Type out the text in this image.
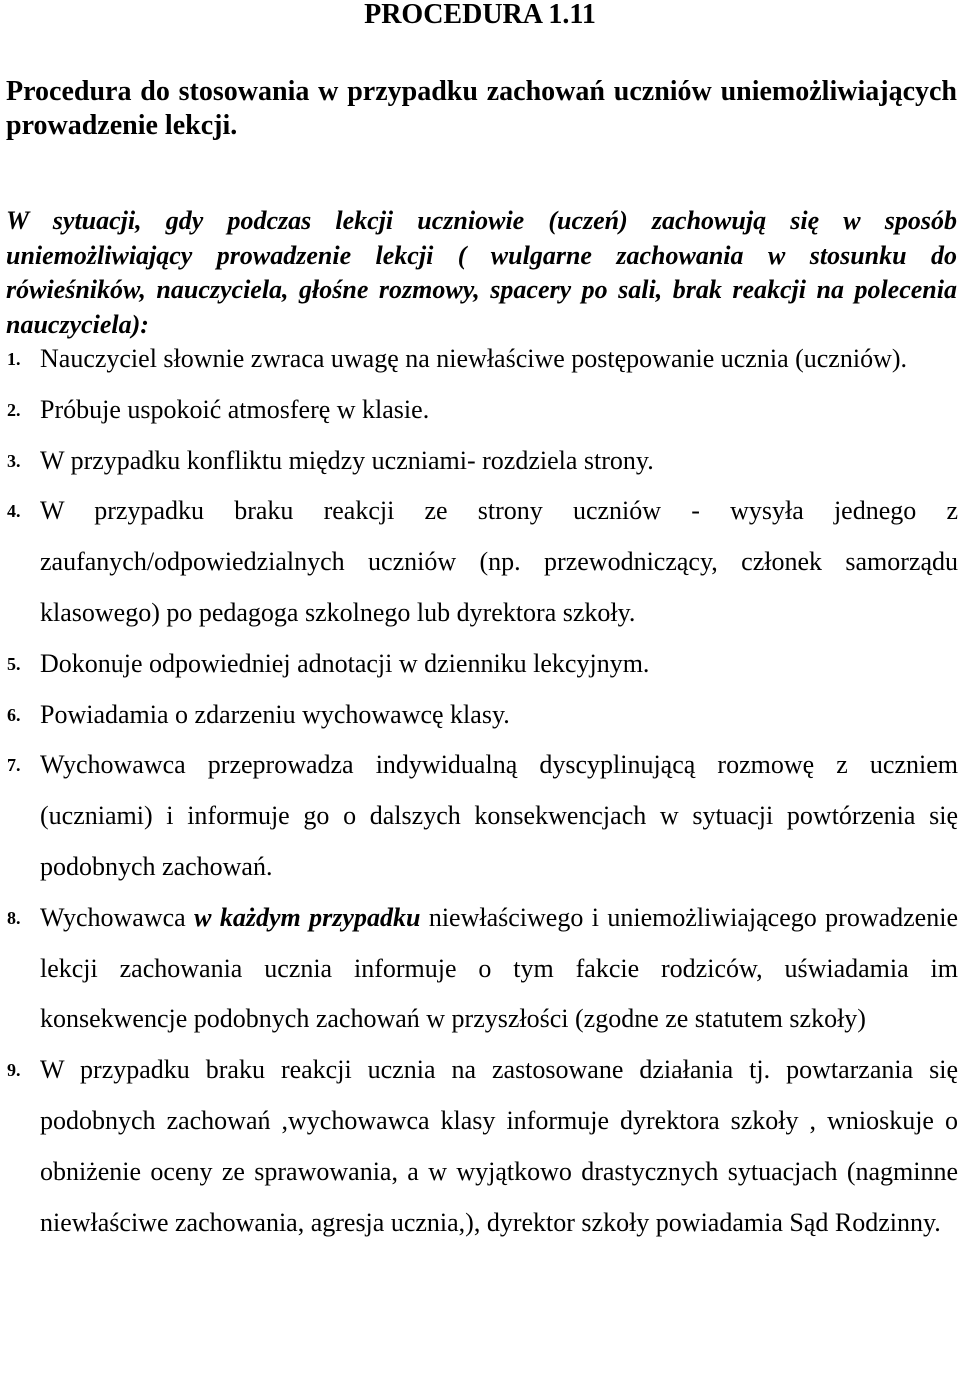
PROCEDURA 1.11

Procedura do stosowania w przypadku zachowań uczniów uniemożliwiających prowadzenie lekcji.

W sytuacji, gdy podczas lekcji uczniowie (uczeń) zachowują się w sposób uniemożliwiający prowadzenie lekcji ( wulgarne zachowania w stosunku do rówieśników, nauczyciela, głośne rozmowy, spacery po sali, brak reakcji na polecenia nauczyciela):

1. Nauczyciel słownie zwraca uwagę na niewłaściwe postępowanie ucznia (uczniów).
2. Próbuje uspokoić atmosferę w klasie.
3. W przypadku konfliktu między uczniami- rozdziela strony.
4. W przypadku braku reakcji ze strony uczniów - wysyła jednego z zaufanych/odpowiedzialnych uczniów (np. przewodniczący, członek samorządu klasowego) po pedagoga szkolnego lub dyrektora szkoły.
5. Dokonuje odpowiedniej adnotacji w dzienniku lekcyjnym.
6. Powiadamia o zdarzeniu wychowawcę klasy.
7. Wychowawca przeprowadza indywidualną dyscyplinującą rozmowę z uczniem (uczniami) i informuje go o dalszych konsekwencjach w sytuacji powtórzenia się podobnych zachowań.
8. Wychowawca w każdym przypadku niewłaściwego i uniemożliwiającego prowadzenie lekcji zachowania ucznia informuje o tym fakcie rodziców, uświadamia im konsekwencje podobnych zachowań w przyszłości (zgodne ze statutem szkoły)
9. W przypadku braku reakcji ucznia na zastosowane działania tj. powtarzania się podobnych zachowań ,wychowawca klasy informuje dyrektora szkoły , wnioskuje o obniżenie oceny ze sprawowania, a w wyjątkowo drastycznych sytuacjach (nagminne niewłaściwe zachowania, agresja ucznia,), dyrektor szkoły powiadamia Sąd Rodzinny.
